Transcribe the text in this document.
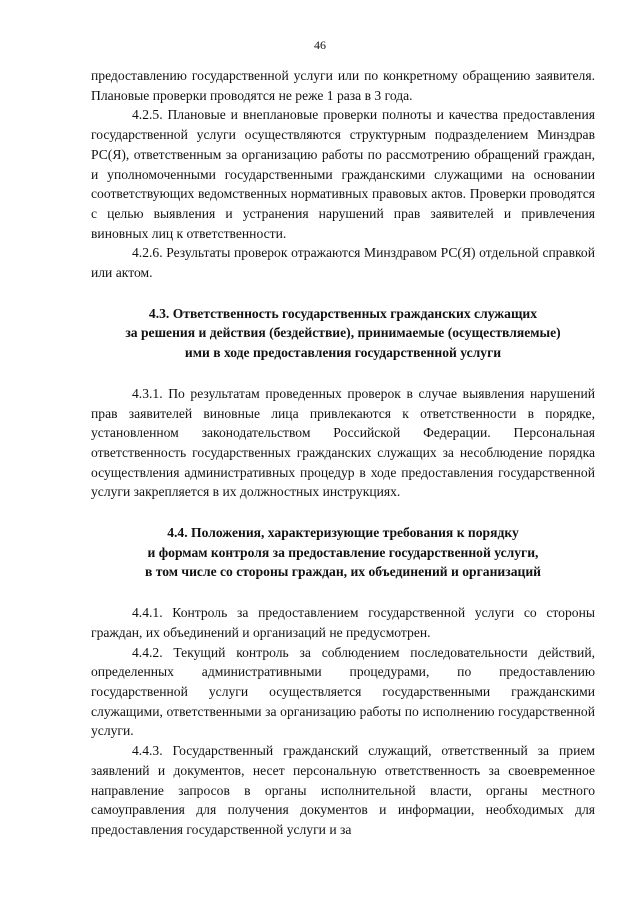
46

предоставлению государственной услуги или по конкретному обращению заявителя. Плановые проверки проводятся не реже 1 раза в 3 года.

4.2.5. Плановые и внеплановые проверки полноты и качества предоставления государственной услуги осуществляются структурным подразделением Минздрав РС(Я), ответственным за организацию работы по рассмотрению обращений граждан, и уполномоченными государственными гражданскими служащими на основании соответствующих ведомственных нормативных правовых актов. Проверки проводятся с целью выявления и устранения нарушений прав заявителей и привлечения виновных лиц к ответственности.

4.2.6. Результаты проверок отражаются Минздравом РС(Я) отдельной справкой или актом.

4.3. Ответственность государственных гражданских служащих
за решения и действия (бездействие), принимаемые (осуществляемые)
ими в ходе предоставления государственной услуги

4.3.1. По результатам проведенных проверок в случае выявления нарушений прав заявителей виновные лица привлекаются к ответственности в порядке, установленном законодательством Российской Федерации. Персональная ответственность государственных гражданских служащих за несоблюдение порядка осуществления административных процедур в ходе предоставления государственной услуги закрепляется в их должностных инструкциях.

4.4. Положения, характеризующие требования к порядку
и формам контроля за предоставление государственной услуги,
в том числе со стороны граждан, их объединений и организаций

4.4.1. Контроль за предоставлением государственной услуги со стороны граждан, их объединений и организаций не предусмотрен.

4.4.2. Текущий контроль за соблюдением последовательности действий, определенных административными процедурами, по предоставлению государственной услуги осуществляется государственными гражданскими служащими, ответственными за организацию работы по исполнению государственной услуги.

4.4.3. Государственный гражданский служащий, ответственный за прием заявлений и документов, несет персональную ответственность за своевременное направление запросов в органы исполнительной власти, органы местного самоуправления для получения документов и информации, необходимых для предоставления государственной услуги и за
